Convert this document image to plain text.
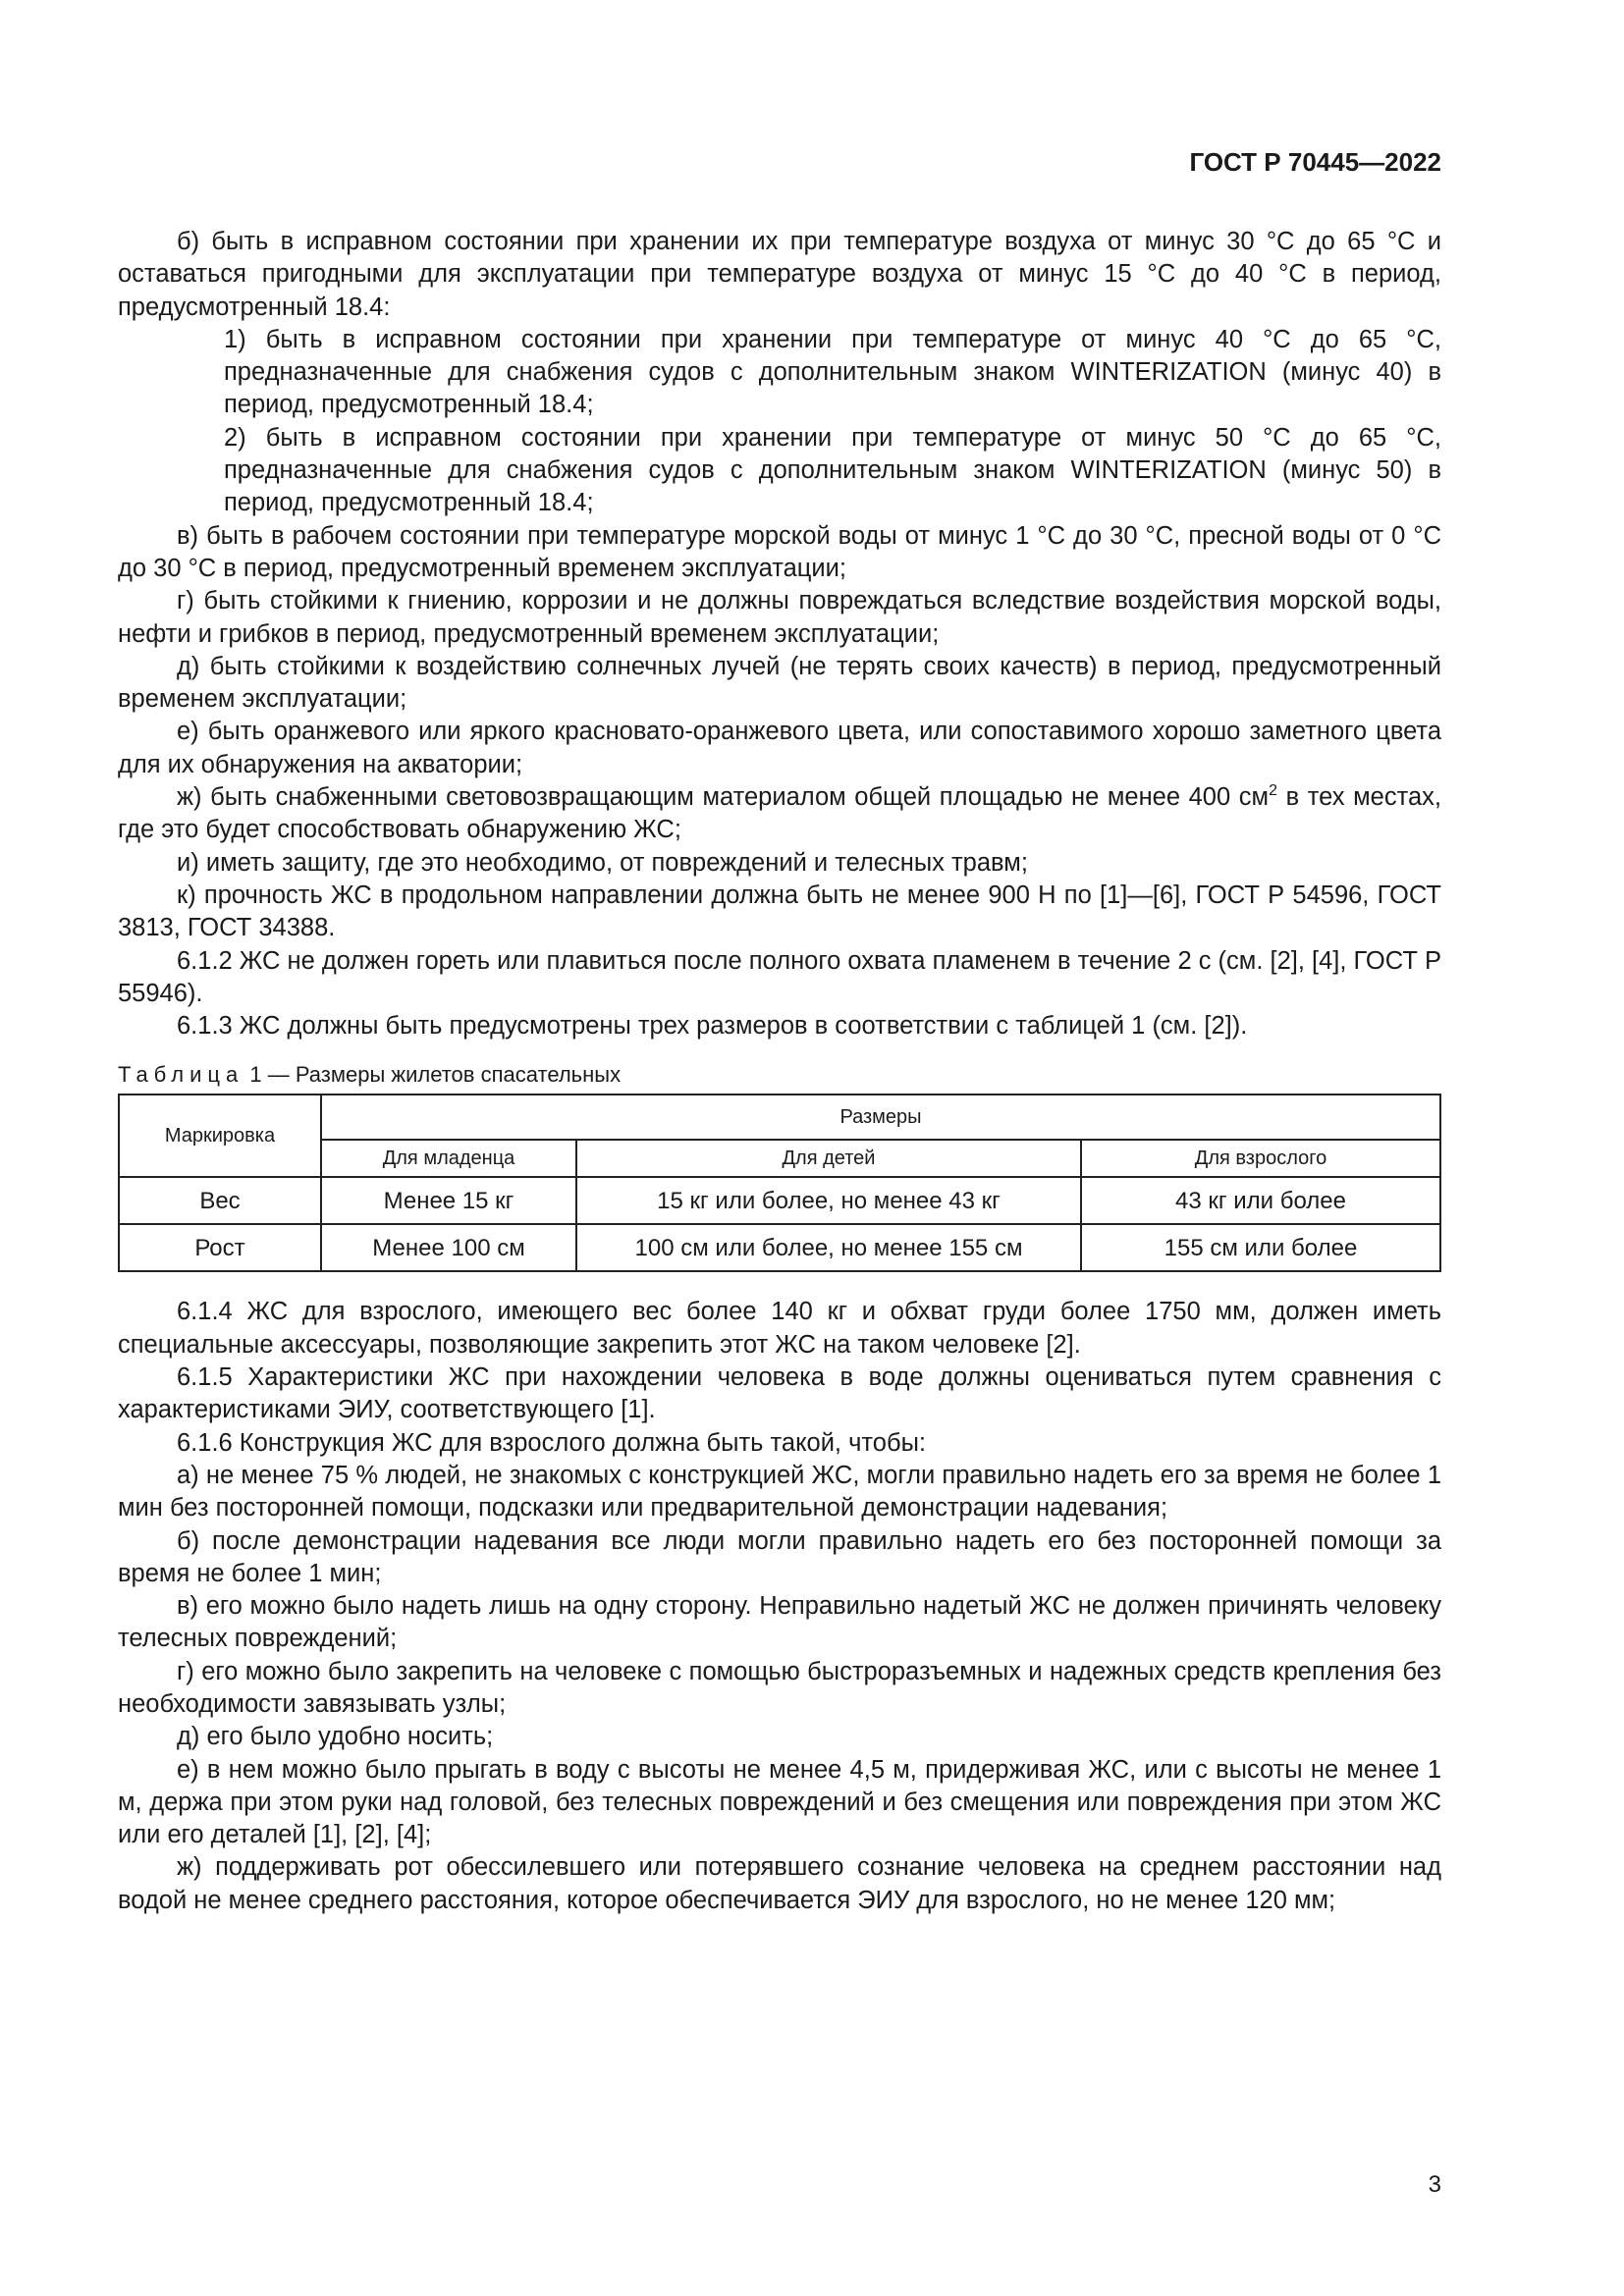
ГОСТ Р 70445—2022

б) быть в исправном состоянии при хранении их при температуре воздуха от минус 30 °С до 65 °С и оставаться пригодными для эксплуатации при температуре воздуха от минус 15 °С до 40 °С в период, предусмотренный 18.4:

1) быть в исправном состоянии при хранении при температуре от минус 40 °С до 65 °С, предназначенные для снабжения судов с дополнительным знаком WINTERIZATION (минус 40) в период, предусмотренный 18.4;

2) быть в исправном состоянии при хранении при температуре от минус 50 °С до 65 °С, предназначенные для снабжения судов с дополнительным знаком WINTERIZATION (минус 50) в период, предусмотренный 18.4;

в) быть в рабочем состоянии при температуре морской воды от минус 1 °С до 30 °С, пресной воды от 0 °С до 30 °С в период, предусмотренный временем эксплуатации;

г) быть стойкими к гниению, коррозии и не должны повреждаться вследствие воздействия морской воды, нефти и грибков в период, предусмотренный временем эксплуатации;

д) быть стойкими к воздействию солнечных лучей (не терять своих качеств) в период, предусмотренный временем эксплуатации;

е) быть оранжевого или яркого красновато-оранжевого цвета, или сопоставимого хорошо заметного цвета для их обнаружения на акватории;

ж) быть снабженными световозвращающим материалом общей площадью не менее 400 $см^2$ в тех местах, где это будет способствовать обнаружению ЖС;

и) иметь защиту, где это необходимо, от повреждений и телесных травм;

к) прочность ЖС в продольном направлении должна быть не менее 900 Н по [1]—[6], ГОСТ Р 54596, ГОСТ 3813, ГОСТ 34388.

6.1.2 ЖС не должен гореть или плавиться после полного охвата пламенем в течение 2 с (см. [2], [4], ГОСТ Р 55946).

6.1.3 ЖС должны быть предусмотрены трех размеров в соответствии с таблицей 1 (см. [2]).

Таблица 1 — Размеры жилетов спасательных
Маркировка	Размеры		
	Для младенца	Для детей	Для взрослого
Вес	Менее 15 кг	15 кг или более, но менее 43 кг	43 кг или более
Рост	Менее 100 см	100 см или более, но менее 155 см	155 см или более

6.1.4 ЖС для взрослого, имеющего вес более 140 кг и обхват груди более 1750 мм, должен иметь специальные аксессуары, позволяющие закрепить этот ЖС на таком человеке [2].

6.1.5 Характеристики ЖС при нахождении человека в воде должны оцениваться путем сравнения с характеристиками ЭИУ, соответствующего [1].

6.1.6 Конструкция ЖС для взрослого должна быть такой, чтобы:

а) не менее 75 % людей, не знакомых с конструкцией ЖС, могли правильно надеть его за время не более 1 мин без посторонней помощи, подсказки или предварительной демонстрации надевания;

б) после демонстрации надевания все люди могли правильно надеть его без посторонней помощи за время не более 1 мин;

в) его можно было надеть лишь на одну сторону. Неправильно надетый ЖС не должен причинять человеку телесных повреждений;

г) его можно было закрепить на человеке с помощью быстроразъемных и надежных средств крепления без необходимости завязывать узлы;

д) его было удобно носить;

е) в нем можно было прыгать в воду с высоты не менее 4,5 м, придерживая ЖС, или с высоты не менее 1 м, держа при этом руки над головой, без телесных повреждений и без смещения или повреждения при этом ЖС или его деталей [1], [2], [4];

ж) поддерживать рот обессилевшего или потерявшего сознание человека на среднем расстоянии над водой не менее среднего расстояния, которое обеспечивается ЭИУ для взрослого, но не менее 120 мм;

3
